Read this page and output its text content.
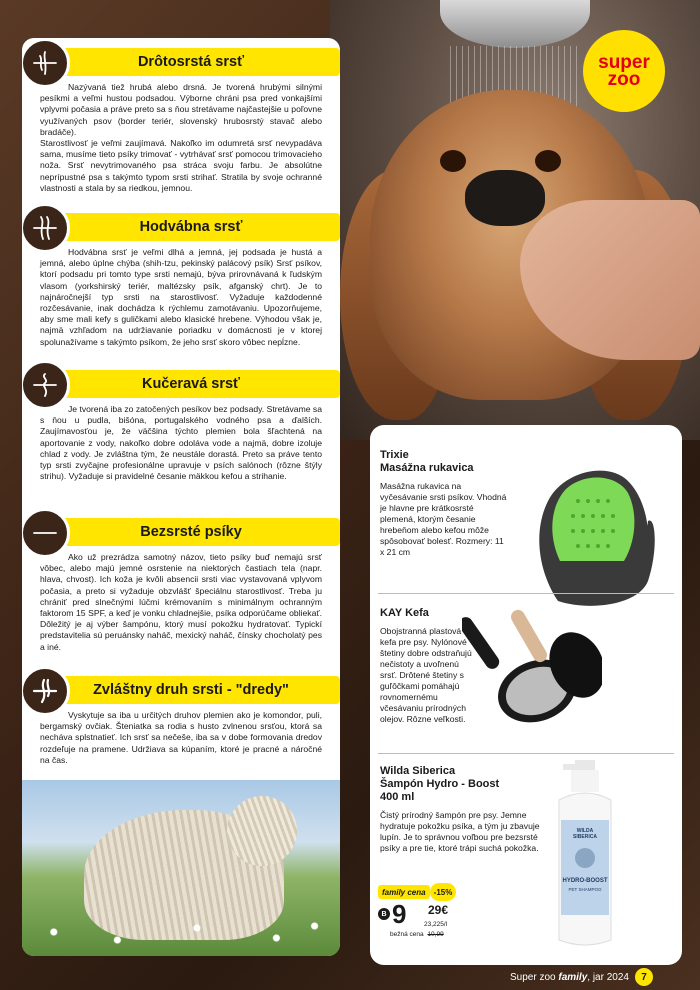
super
zoo
Drôtosrstá srsť

Nazývaná tiež hrubá alebo drsná. Je tvorená hrubými silnými pesíkmi a veľmi hustou podsadou. Výborne chráni psa pred vonkajšími vplyvmi počasia a práve preto sa s ňou stretávame najčastejšie u poľovne využívaných psov (border teriér, slovenský hrubosrstý stavač alebo bradáče).

Starostlivosť je veľmi zaujímavá. Nakoľko im odumretá srsť nevypadáva sama, musíme tieto psíky trimovať - vytrhávať srsť pomocou trimovacieho noža. Srsť nevytrimovaného psa stráca svoju farbu. Je absolútne neprípustné psa s takýmto typom srsti strihať. Stratila by svoje ochranné vlastnosti a stala by sa riedkou, jemnou.

Hodvábna srsť

Hodvábna srsť je veľmi dlhá a jemná, jej podsada je hustá a jemná, alebo úplne chýba (shih-tzu, pekinský palácový psík) Srsť psíkov, ktorí podsadu pri tomto type srsti nemajú, býva prirovnávaná k ľudským vlasom (yorkshirský teriér, maltézsky psík, afganský chrt). Je to najnáročnejší typ srsti na starostlivosť. Vyžaduje každodenné rozčesávanie, inak dochádza k rýchlemu zamotávaniu. Upozorňujeme, aby sme mali kefy s guličkami alebo klasické hrebene. Výhodou však je, najmä vzhľadom na udržiavanie poriadku v domácnosti je v ktorej spolunažívame s takýmto psíkom, že jeho srsť skoro vôbec nepĺzne.

Kučeravá srsť

Je tvorená iba zo zatočených pesíkov bez podsady. Stretávame sa s ňou u pudla, bišóna, portugalského vodného psa a ďalších. Zaujímavosťou je, že väčšina týchto plemien bola šľachtená na aportovanie z vody, nakoľko dobre odoláva vode a najmä, dobre izoluje chlad z vody. Je zvláštna tým, že neustále dorastá. Preto sa práve tento typ srsti zvyčajne profesionálne upravuje v psích salónoch (rôzne štýly strihu). Vyžaduje si pravidelné česanie mäkkou kefou a strihanie.

Bezsrsté psíky

Ako už prezrádza samotný názov, tieto psíky buď nemajú srsť vôbec, alebo majú jemné osrstenie na niektorých častiach tela (napr. hlava, chvost). Ich koža je kvôli absencii srsti viac vystavovaná vplyvom počasia, a preto si vyžaduje obzvlášť špeciálnu starostlivosť. Treba ju chrániť pred slnečnými lúčmi krémovaním s minimálnym ochranným faktorom 15 SPF, a keď je vonku chladnejšie, psíka odporúčame obliekať. Dôležitý je aj výber šampónu, ktorý musí pokožku hydratovať. Typickí predstavitelia sú peruánsky naháč, mexický naháč, čínsky chocholatý pes a iné.

Zvláštny druh srsti - "dredy"

Vyskytuje sa iba u určitých druhov plemien ako je komondor, puli, bergamský ovčiak. Šteniatka sa rodia s husto zvlnenou srsťou, ktorá sa necháva splstnatieť. Ich srsť sa nečeše, iba sa v dobe formovania dredov rozdeľuje na pramene. Udržiava sa kúpaním, ktoré je pracné a náročné na čas.

Trixie
Masážna rukavica
Masážna rukavica na vyčesávanie srsti psíkov. Vhodná je hlavne pre krátkosrsté plemená, ktorým česanie hrebeňom alebo kefou môže spôsobovať bolesť. Rozmery: 11 x 21 cm
KAY Kefa
Obojstranná plastová kefa pre psy. Nylónové štetiny dobre odstraňujú nečistoty a uvoľnenú srsť. Drôtené štetiny s guľôčkami pomáhajú rovnomernému včesávaniu prírodných olejov. Rôzne veľkosti.
Wilda Siberica
Šampón Hydro - Boost
400 ml
Čistý prírodný šampón pre psy. Jemne hydratuje pokožku psíka, a tým ju zbavuje lupín. Je to správnou voľbou pre bezsrsté psíky a pre tie, ktoré trápi suchá pokožka.
WILDA SIBERICA
HYDRO-BOOST
PET SHAMPOO
family cena	-15%
B 9 29€
23,225/l
bežná cena 10,99
Super zoo family, jar 2024	7
